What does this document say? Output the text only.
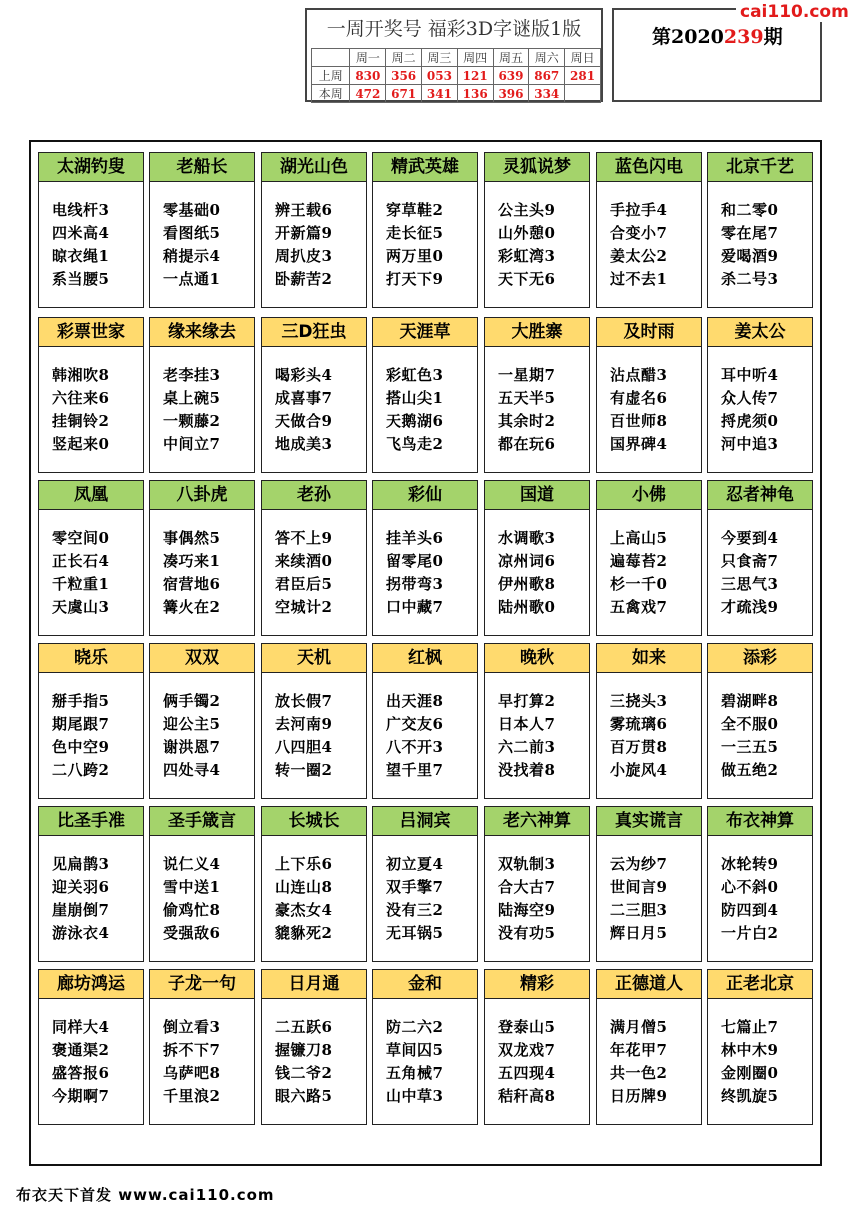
一周开奖号 福彩3D字谜版1版
	周一	周二	周三	周四	周五	周六	周日
上周	830	356	053	121	639	867	281
本周	472	671	341	136	396	334	
第2020239期
cai110.com
太湖钓叟
电线杆3
四米高4
晾衣绳1
系当腰5
老船长
零基础0
看图纸5
稍提示4
一点通1
湖光山色
辨王载6
开新篇9
周扒皮3
卧薪苦2
精武英雄
穿草鞋2
走长征5
两万里0
打天下9
灵狐说梦
公主头9
山外憩0
彩虹湾3
天下无6
蓝色闪电
手拉手4
合变小7
姜太公2
过不去1
北京千艺
和二零0
零在尾7
爱喝酒9
杀二号3
彩票世家
韩湘吹8
六往来6
挂铜铃2
竖起来0
缘来缘去
老李挂3
桌上碗5
一颗藤2
中间立7
三D狂虫
喝彩头4
成喜事7
天做合9
地成美3
天涯草
彩虹色3
搭山尖1
天鹅湖6
飞鸟走2
大胜寨
一星期7
五天半5
其余时2
都在玩6
及时雨
沾点醋3
有虚名6
百世师8
国界碑4
姜太公
耳中听4
众人传7
捋虎须0
河中追3
凤凰
零空间0
正长石4
千粒重1
天虞山3
八卦虎
事偶然5
凑巧来1
宿营地6
篝火在2
老孙
答不上9
来续酒0
君臣后5
空城计2
彩仙
挂羊头6
留零尾0
拐带弯3
口中藏7
国道
水调歌3
凉州词6
伊州歌8
陆州歌0
小佛
上高山5
遍莓苔2
杉一千0
五禽戏7
忍者神龟
今要到4
只食斋7
三思气3
才疏浅9
晓乐
掰手指5
期尾跟7
色中空9
二八跨2
双双
俩手镯2
迎公主5
谢洪恩7
四处寻4
天机
放长假7
去河南9
八四胆4
转一圈2
红枫
出天涯8
广交友6
八不开3
望千里7
晚秋
早打算2
日本人7
六二前3
没找着8
如来
三挠头3
雾琉璃6
百万贯8
小旋风4
添彩
碧湖畔8
全不服0
一三五5
做五绝2
比圣手准
见扁鹊3
迎关羽6
崖崩倒7
游泳衣4
圣手箴言
说仁义4
雪中送1
偷鸡忙8
受强敌6
长城长
上下乐6
山连山8
豪杰女4
貔貅死2
吕洞宾
初立夏4
双手擎7
没有三2
无耳锅5
老六神算
双轨制3
合大古7
陆海空9
没有功5
真实谎言
云为纱7
世间言9
二三胆3
辉日月5
布衣神算
冰轮转9
心不斜0
防四到4
一片白2
廊坊鸿运
同样大4
褒通渠2
盛答报6
今期啊7
子龙一句
倒立看3
拆不下7
乌萨吧8
千里浪2
日月通
二五跃6
握镰刀8
钱二爷2
眼六路5
金和
防二六2
草间囚5
五角械7
山中草3
精彩
登泰山5
双龙戏7
五四现4
秸秆高8
正德道人
满月僧5
年花甲7
共一色2
日历牌9
正老北京
七篇止7
林中木9
金刚圈0
终凯旋5
布衣天下首发 www.cai110.com
